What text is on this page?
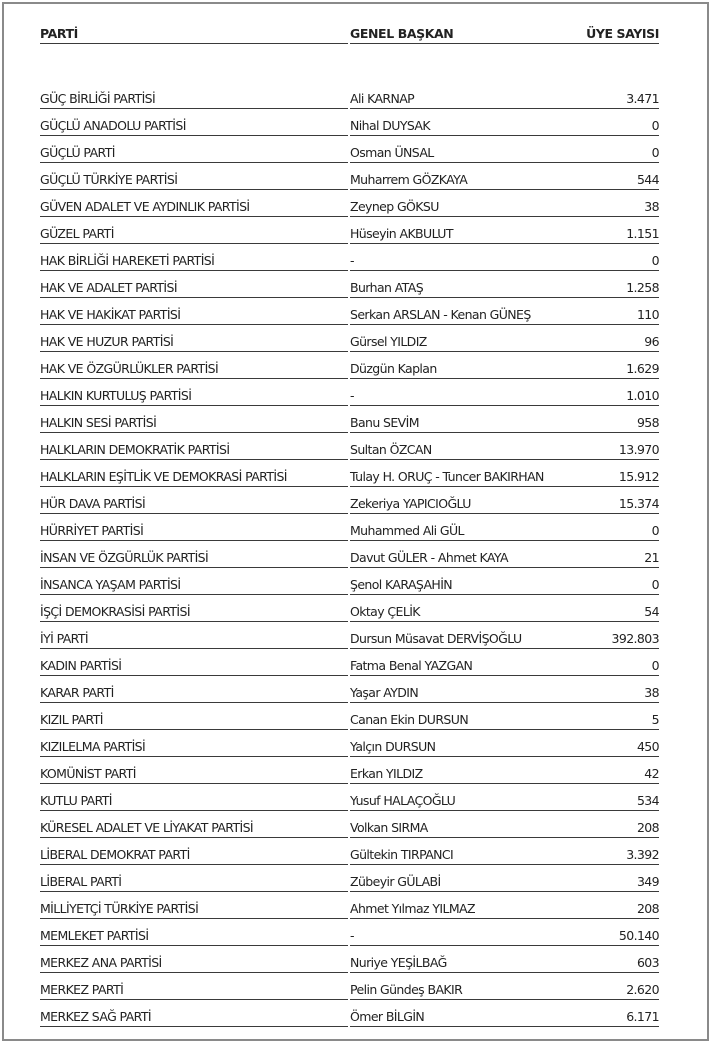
PARTİ	GENEL BAŞKAN	ÜYE SAYISI
GÜÇ BİRLİĞİ PARTİSİ	Ali KARNAP	3.471
GÜÇLÜ ANADOLU PARTİSİ	Nihal DUYSAK	0
GÜÇLÜ PARTİ	Osman ÜNSAL	0
GÜÇLÜ TÜRKİYE PARTİSİ	Muharrem GÖZKAYA	544
GÜVEN ADALET VE AYDINLIK PARTİSİ	Zeynep GÖKSU	38
GÜZEL PARTİ	Hüseyin AKBULUT	1.151
HAK BİRLİĞİ HAREKETİ PARTİSİ	-	0
HAK VE ADALET PARTİSİ	Burhan ATAŞ	1.258
HAK VE HAKİKAT PARTİSİ	Serkan ARSLAN - Kenan GÜNEŞ	110
HAK VE HUZUR PARTİSİ	Gürsel YILDIZ	96
HAK VE ÖZGÜRLÜKLER PARTİSİ	Düzgün Kaplan	1.629
HALKIN KURTULUŞ PARTİSİ	-	1.010
HALKIN SESİ PARTİSİ	Banu SEVİM	958
HALKLARIN DEMOKRATİK PARTİSİ	Sultan ÖZCAN	13.970
HALKLARIN EŞİTLİK VE DEMOKRASİ PARTİSİ	Tulay H. ORUÇ - Tuncer BAKIRHAN	15.912
HÜR DAVA PARTİSİ	Zekeriya YAPICIOĞLU	15.374
HÜRRİYET PARTİSİ	Muhammed Ali GÜL	0
İNSAN VE ÖZGÜRLÜK PARTİSİ	Davut GÜLER - Ahmet KAYA	21
İNSANCA YAŞAM PARTİSİ	Şenol KARAŞAHİN	0
İŞÇİ DEMOKRASİSİ PARTİSİ	Oktay ÇELİK	54
İYİ PARTİ	Dursun Müsavat DERVİŞOĞLU	392.803
KADIN PARTİSİ	Fatma Benal YAZGAN	0
KARAR PARTİ	Yaşar AYDIN	38
KIZIL PARTİ	Canan Ekin DURSUN	5
KIZILELMA PARTİSİ	Yalçın DURSUN	450
KOMÜNİST PARTİ	Erkan YILDIZ	42
KUTLU PARTİ	Yusuf HALAÇOĞLU	534
KÜRESEL ADALET VE LİYAKAT PARTİSİ	Volkan SIRMA	208
LİBERAL DEMOKRAT PARTİ	Gültekin TIRPANCI	3.392
LİBERAL PARTİ	Zübeyir GÜLABİ	349
MİLLİYETÇİ TÜRKİYE PARTİSİ	Ahmet Yılmaz YILMAZ	208
MEMLEKET PARTİSİ	-	50.140
MERKEZ ANA PARTİSİ	Nuriye YEŞİLBAĞ	603
MERKEZ PARTİ	Pelin Gündeş BAKIR	2.620
MERKEZ SAĞ PARTİ	Ömer BİLGİN	6.171
